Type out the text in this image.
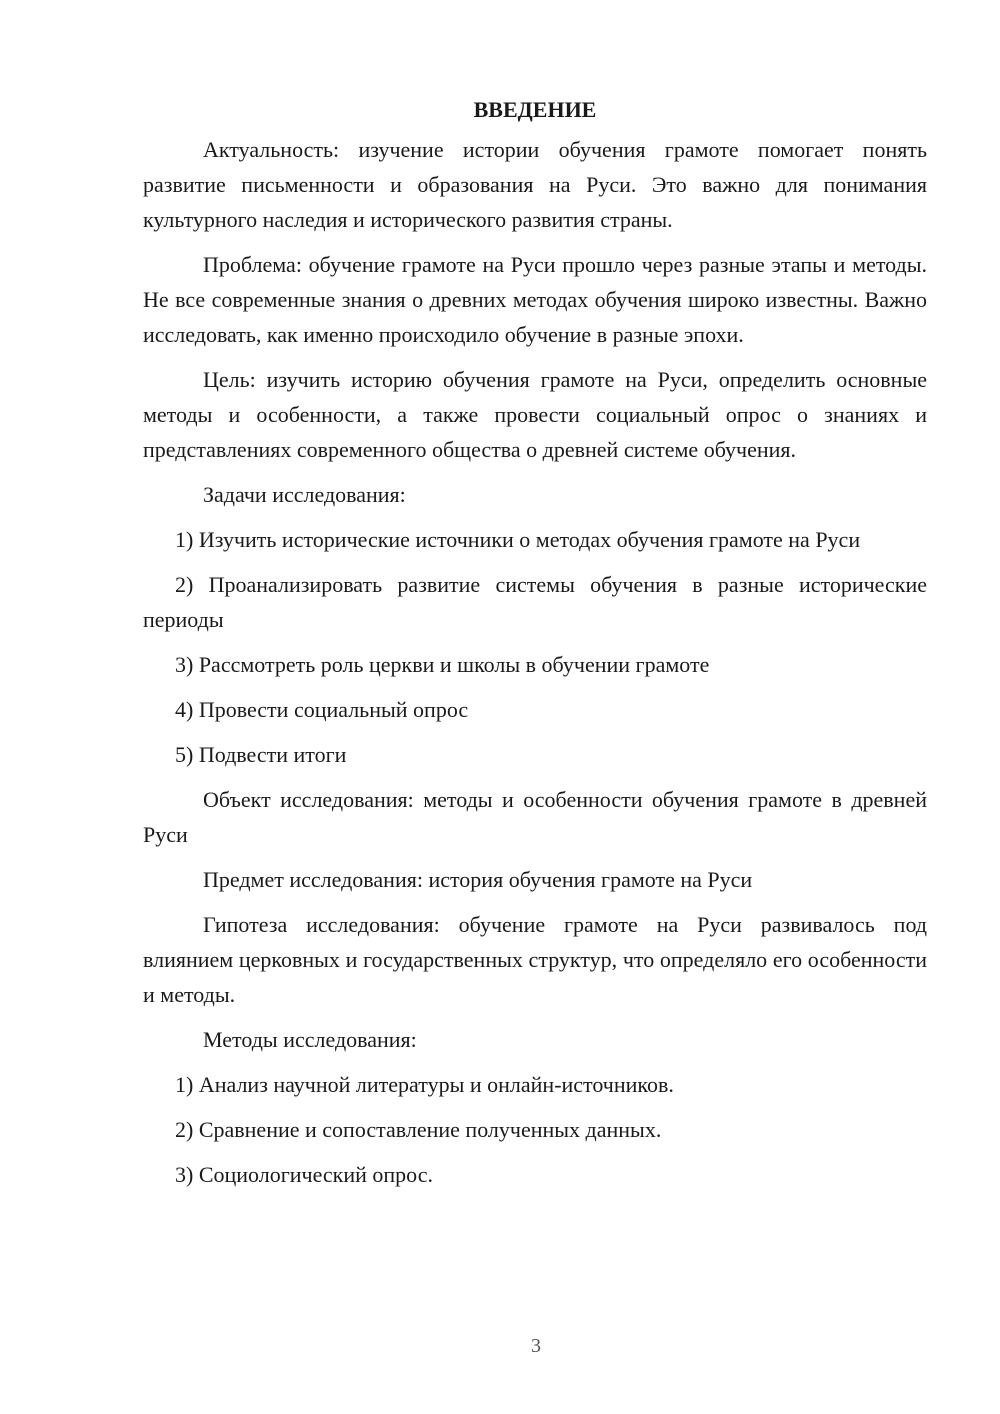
ВВЕДЕНИЕ

Актуальность: изучение истории обучения грамоте помогает понять развитие письменности и образования на Руси. Это важно для понимания культурного наследия и исторического развития страны.

Проблема: обучение грамоте на Руси прошло через разные этапы и методы. Не все современные знания о древних методах обучения широко известны. Важно исследовать, как именно происходило обучение в разные эпохи.

Цель: изучить историю обучения грамоте на Руси, определить основные методы и особенности, а также провести социальный опрос о знаниях и представлениях современного общества о древней системе обучения.

Задачи исследования:

1) Изучить исторические источники о методах обучения грамоте на Руси

2) Проанализировать развитие системы обучения в разные исторические периоды

3) Рассмотреть роль церкви и школы в обучении грамоте

4) Провести социальный опрос

5) Подвести итоги

Объект исследования: методы и особенности обучения грамоте в древней Руси

Предмет исследования: история обучения грамоте на Руси

Гипотеза исследования: обучение грамоте на Руси развивалось под влиянием церковных и государственных структур, что определяло его особенности и методы.

Методы исследования:

1) Анализ научной литературы и онлайн-источников.

2) Сравнение и сопоставление полученных данных.

3) Социологический опрос.

3
